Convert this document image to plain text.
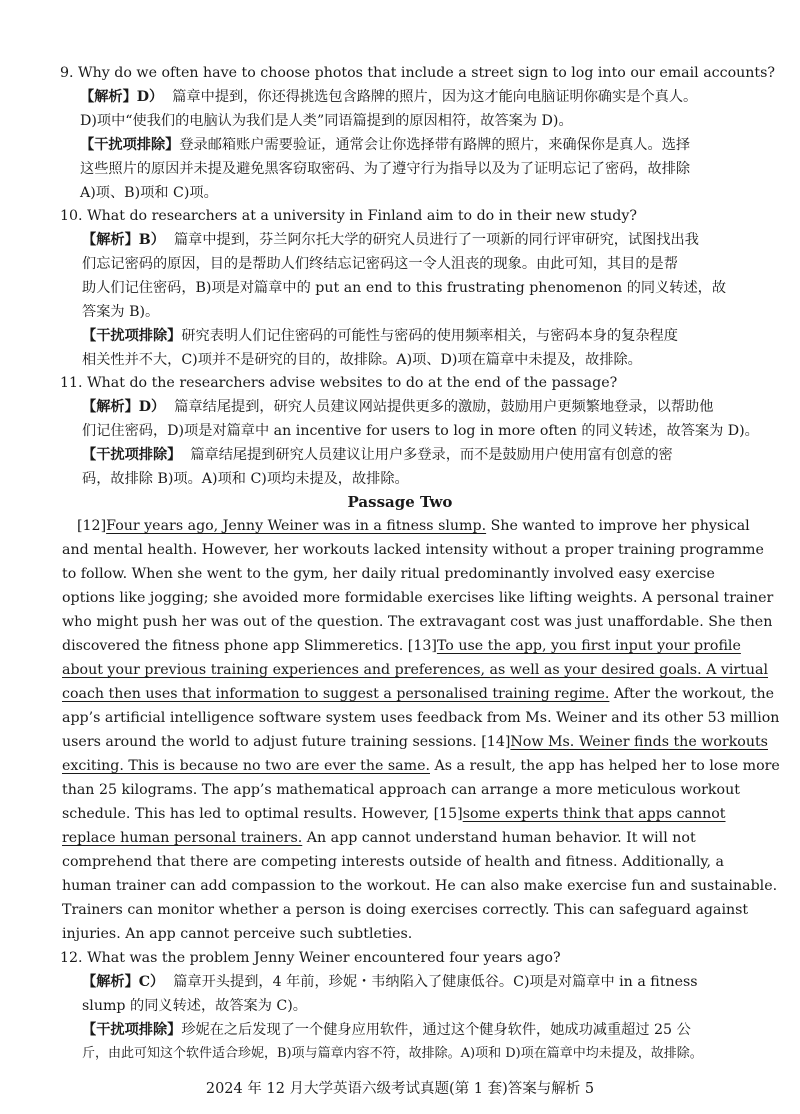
9. Why do we often have to choose photos that include a street sign to log into our email accounts?
【解析】D） 篇章中提到，你还得挑选包含路牌的照片，因为这才能向电脑证明你确实是个真人。
D)项中“使我们的电脑认为我们是人类”同语篇提到的原因相符，故答案为 D)。
【干扰项排除】登录邮箱账户需要验证，通常会让你选择带有路牌的照片，来确保你是真人。选择
这些照片的原因并未提及避免黑客窃取密码、为了遵守行为指导以及为了证明忘记了密码，故排除
A)项、B)项和 C)项。
10. What do researchers at a university in Finland aim to do in their new study?
【解析】B） 篇章中提到，芬兰阿尔托大学的研究人员进行了一项新的同行评审研究，试图找出我
们忘记密码的原因，目的是帮助人们终结忘记密码这一令人沮丧的现象。由此可知，其目的是帮
助人们记住密码，B)项是对篇章中的 put an end to this frustrating phenomenon 的同义转述，故
答案为 B)。
【干扰项排除】研究表明人们记住密码的可能性与密码的使用频率相关，与密码本身的复杂程度
相关性并不大，C)项并不是研究的目的，故排除。A)项、D)项在篇章中未提及，故排除。
11. What do the researchers advise websites to do at the end of the passage?
【解析】D） 篇章结尾提到，研究人员建议网站提供更多的激励，鼓励用户更频繁地登录，以帮助他
们记住密码，D)项是对篇章中 an incentive for users to log in more often 的同义转述，故答案为 D)。
【干扰项排除】 篇章结尾提到研究人员建议让用户多登录，而不是鼓励用户使用富有创意的密
码，故排除 B)项。A)项和 C)项均未提及，故排除。
Passage Two
[12]Four years ago, Jenny Weiner was in a fitness slump. She wanted to improve her physical
and mental health. However, her workouts lacked intensity without a proper training programme
to follow. When she went to the gym, her daily ritual predominantly involved easy exercise
options like jogging; she avoided more formidable exercises like lifting weights. A personal trainer
who might push her was out of the question. The extravagant cost was just unaffordable. She then
discovered the fitness phone app Slimmeretics. [13]To use the app, you first input your profile
about your previous training experiences and preferences, as well as your desired goals. A virtual
coach then uses that information to suggest a personalised training regime. After the workout, the
app’s artificial intelligence software system uses feedback from Ms. Weiner and its other 53 million
users around the world to adjust future training sessions. [14]Now Ms. Weiner finds the workouts
exciting. This is because no two are ever the same. As a result, the app has helped her to lose more
than 25 kilograms. The app’s mathematical approach can arrange a more meticulous workout
schedule. This has led to optimal results. However, [15]some experts think that apps cannot
replace human personal trainers. An app cannot understand human behavior. It will not
comprehend that there are competing interests outside of health and fitness. Additionally, a
human trainer can add compassion to the workout. He can also make exercise fun and sustainable.
Trainers can monitor whether a person is doing exercises correctly. This can safeguard against
injuries. An app cannot perceive such subtleties.
12. What was the problem Jenny Weiner encountered four years ago?
【解析】C） 篇章开头提到，4 年前，珍妮・韦纳陷入了健康低谷。C)项是对篇章中 in a fitness
slump 的同义转述，故答案为 C)。
【干扰项排除】珍妮在之后发现了一个健身应用软件，通过这个健身软件，她成功减重超过 25 公
斤，由此可知这个软件适合珍妮，B)项与篇章内容不符，故排除。A)项和 D)项在篇章中均未提及，故排除。
2024 年 12 月大学英语六级考试真题(第 1 套)答案与解析 5
